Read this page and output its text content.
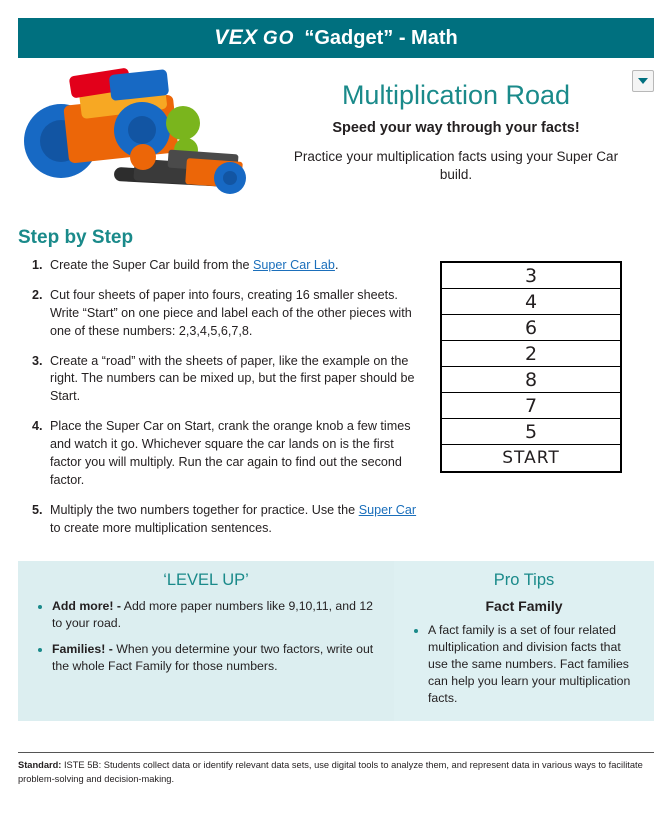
VEX GO “Gadget” - Math
Multiplication Road

Speed your way through your facts!

Practice your multiplication facts using your Super Car build.

Step by Step
1. Create the Super Car build from the Super Car Lab.
2. Cut four sheets of paper into fours, creating 16 smaller sheets. Write “Start” on one piece and label each of the other pieces with one of these numbers: 2,3,4,5,6,7,8.
3. Create a “road” with the sheets of paper, like the example on the right. The numbers can be mixed up, but the first paper should be Start.
4. Place the Super Car on Start, crank the orange knob a few times and watch it go. Whichever square the car lands on is the first factor you will multiply. Run the car again to find out the second factor.
5. Multiply the two numbers together for practice. Use the Super Car to create more multiplication sentences.
3
4
6
2
8
7
5
START
‘LEVEL UP’
• Add more! - Add more paper numbers like 9,10,11, and 12 to your road.
• Families! - When you determine your two factors, write out the whole Fact Family for those numbers.
Pro Tips

Fact Family

• A fact family is a set of four related multiplication and division facts that use the same numbers. Fact families can help you learn your multiplication facts.
Standard: ISTE 5B: Students collect data or identify relevant data sets, use digital tools to analyze them, and represent data in various ways to facilitate problem-solving and decision-making.
